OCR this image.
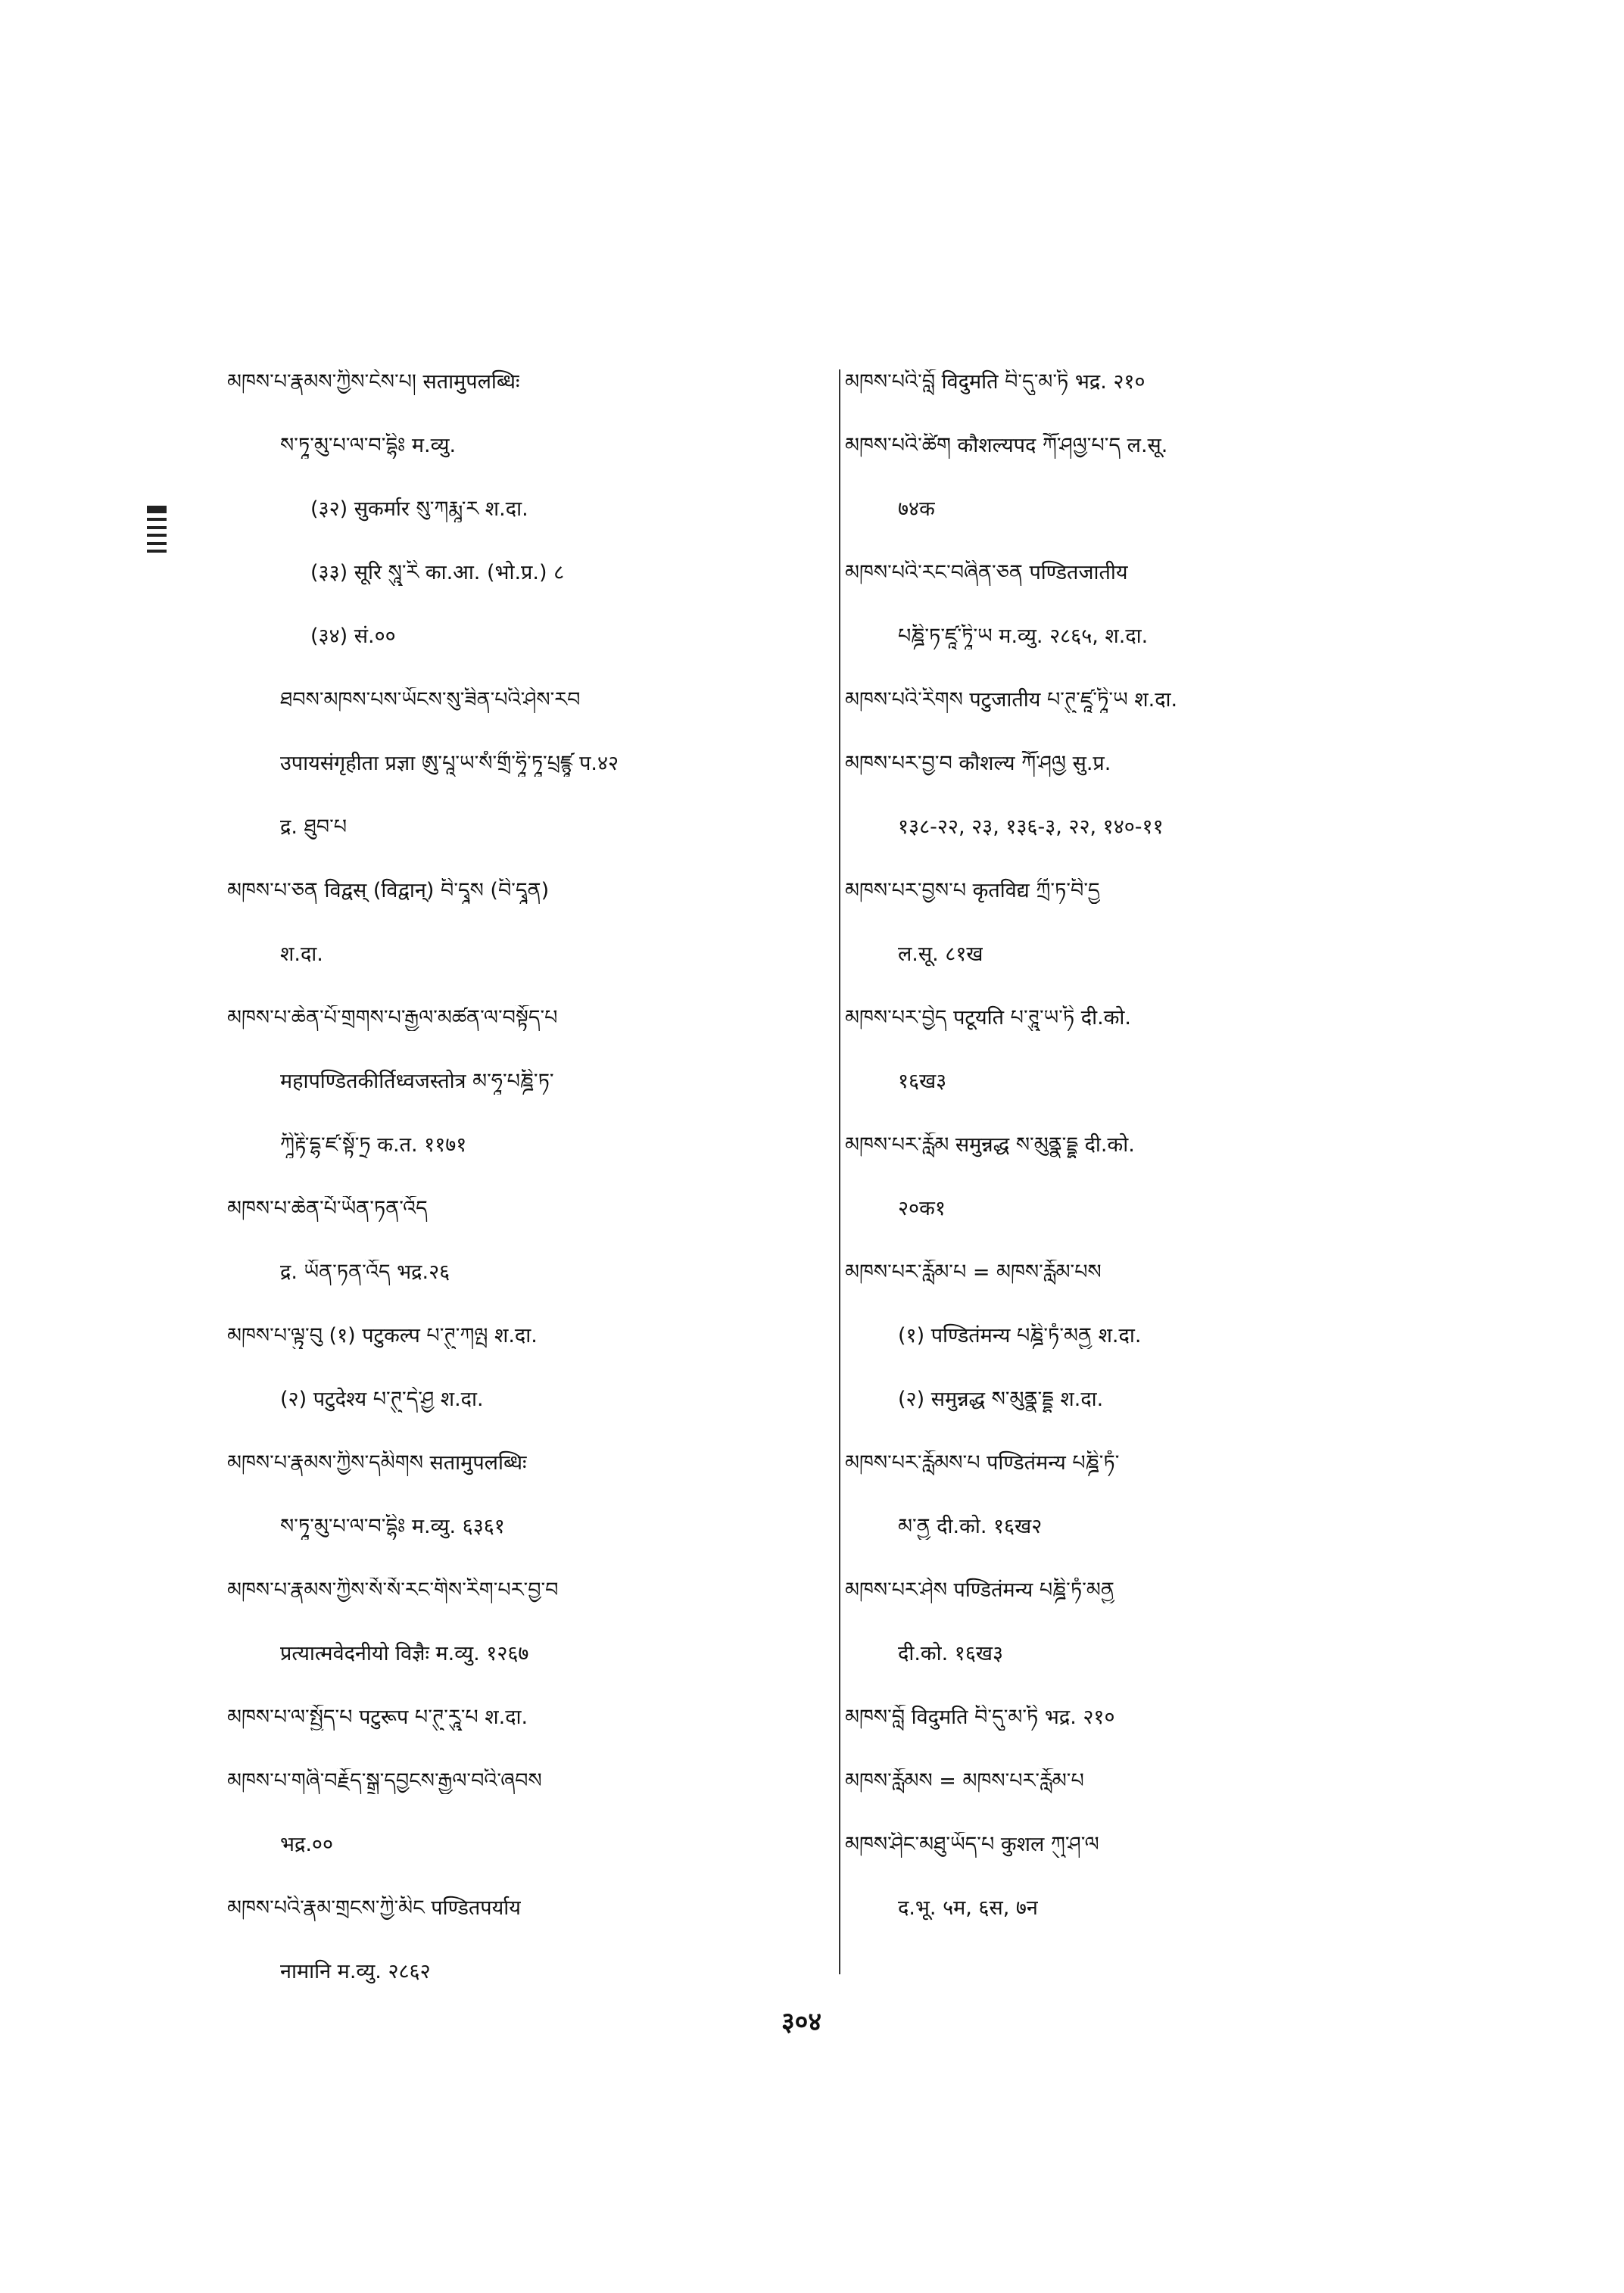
མཁས་པ་རྣམས་ཀྱིས་ངེས་པ། सतामुपलब्धिः
ས་ཏཱ་མུ་པ་ལ་བ་དྷིཿ म.व्यु.
(३२) सुकर्मार སུ་ཀརྨཱ་ར श.दा.
(३३) सूरि སཱུ་རི का.आ. (भो.प्र.) ८
(३४) सं.००
ཐབས་མཁས་པས་ཡོངས་སུ་ཟིན་པའི་ཤེས་རབ
उपायसंगृहीता प्रज्ञा ཨུ་པཱ་ཡ་སཾ་གྲྀ་ཧཱི་ཏཱ་པྲཛྙཱ प.४२
द्र. ཐུབ་པ
མཁས་པ་ཅན विद्वस् (विद्वान्) བི་དྭཱས (བི་དྭཱན)
श.दा.
མཁས་པ་ཆེན་པོ་གྲགས་པ་རྒྱལ་མཚན་ལ་བསྟོད་པ
महापण्डितकीर्तिध्वजस्तोत्र མ་ཧཱ་པཎྜི་ཏ་
ཀཱིརྟི་དྷྭ་ཛ་སྟོ་ཏྲ क.त. ११७१
མཁས་པ་ཆེན་པོ་ཡོན་ཏན་འོད
द्र. ཡོན་ཏན་འོད भद्र.२६
མཁས་པ་ལྟུ་བུ (१) पटुकल्प པ་ཊུ་ཀལྤ श.दा.
(२) पटुदेश्य པ་ཊུ་དེ་ཤྱ श.दा.
མཁས་པ་རྣམས་ཀྱིས་དམིགས सतामुपलब्धिः
ས་ཏཱ་མུ་པ་ལ་བ་དྷིཿ म.व्यु. ६३६१
མཁས་པ་རྣམས་ཀྱིས་སོ་སོ་རང་གིས་རིག་པར་བྱ་བ
प्रत्यात्मवेदनीयो विज्ञैः म.व्यु. १२६७
མཁས་པ་ལ་སྤྱོད་པ पटुरूप པ་ཊུ་རཱུ་པ श.दा.
མཁས་པ་གཞི་བརྗོད་སྒྲ་དབྱངས་རྒྱལ་བའི་ཞབས
भद्र.००
མཁས་པའི་རྣམ་གྲངས་ཀྱི་མིང पण्डितपर्याय
नामानि म.व्यु. २८६२
མཁས་པའི་བློ विदुमति བི་དུ་མ་ཏི भद्र. २१०
མཁས་པའི་ཚིག कौशल्यपद ཀཽ་ཤལྱ་པ་ད ल.सू.
७४क
མཁས་པའི་རང་བཞིན་ཅན पण्डितजातीय
པཎྜི་ཏ་ཛཱ་ཏཱི་ཡ म.व्यु. २८६५, श.दा.
མཁས་པའི་རིགས पटुजातीय པ་ཊུ་ཛཱ་ཏཱི་ཡ श.दा.
མཁས་པར་བྱ་བ कौशल्य ཀཽ་ཤལྱ सु.प्र.
१३८-२२, २३, १३६-३, २२, १४०-११
མཁས་པར་བྱས་པ कृतविद्य ཀྲྀ་ཏ་བི་དྱ
ल.सू. ८१ख
མཁས་པར་བྱེད पटूयति པ་ཊཱུ་ཡ་ཏི दी.को.
१६ख३
མཁས་པར་རློམ समुन्नद्ध ས་མུནྣ་དྡྷ दी.को.
२०क१
མཁས་པར་རློམ་པ = མཁས་རློམ་པས
(१) पण्डितंमन्य པཎྜི་ཏཾ་མནྱ श.दा.
(२) समुन्नद्ध ས་མུནྣ་དྡྷ श.दा.
མཁས་པར་རློམས་པ पण्डितंमन्य པཎྜི་ཏཾ་
མ་ནྱ दी.को. १६ख२
མཁས་པར་ཤེས पण्डितंमन्य པཎྜི་ཏཾ་མནྱ
दी.को. १६ख३
མཁས་བློ विदुमति བི་དུ་མ་ཏི भद्र. २१०
མཁས་རློམས = མཁས་པར་རློམ་པ
མཁས་ཤིང་མཐུ་ཡོད་པ कुशल ཀུ་ཤ་ལ
द.भू. ५म, ६स, ७न
३०४
